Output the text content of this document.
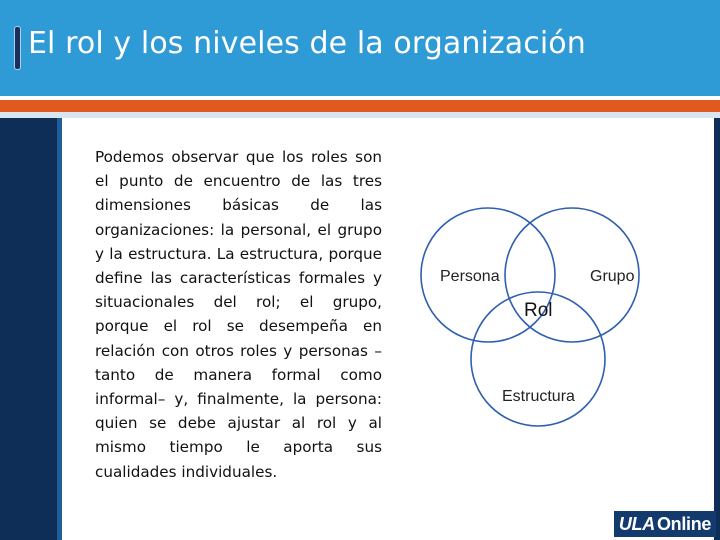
El rol y los niveles de la organización

Podemos observar que los roles son el punto de encuentro de las tres dimensiones básicas de las organizaciones: la personal, el grupo y la estructura. La estructura, porque define las características formales y situacionales del rol; el grupo, porque el rol se desempeña en relación con otros roles y personas –tanto de manera formal como informal– y, finalmente, la persona: quien se debe ajustar al rol y al mismo tiempo le aporta sus cualidades individuales.

Persona	Grupo
Estructura
Rol
ULA Online
